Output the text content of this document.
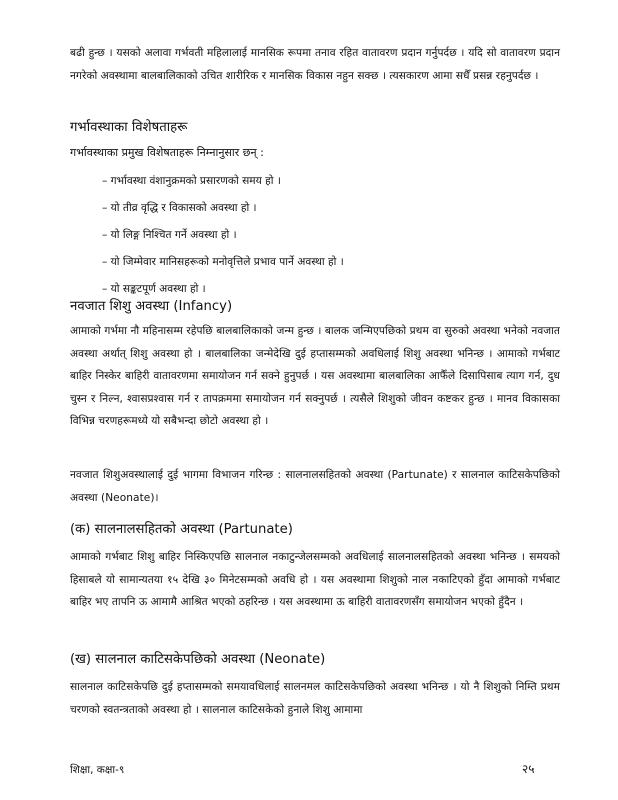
बढी हुन्छ । यसको अलावा गर्भवती महिलालाई मानसिक रूपमा तनाव रहित वातावरण प्रदान गर्नुपर्दछ । यदि सो वातावरण प्रदान नगरेको अवस्थामा बालबालिकाको उचित शारीरिक र मानसिक विकास नहुन सक्छ । त्यसकारण आमा सधैँ प्रसन्न रहनुपर्दछ ।
गर्भावस्थाका विशेषताहरू
गर्भावस्थाका प्रमुख विशेषताहरू निम्नानुसार छन् :
– गर्भावस्था वंशानुक्रमको प्रसारणको समय हो ।
– यो तीव्र वृद्धि र विकासको अवस्था हो ।
– यो लिङ्ग निश्चित गर्ने अवस्था हो ।
– यो जिम्मेवार मानिसहरूको मनोवृत्तिले प्रभाव पार्ने अवस्था हो ।
– यो सङ्कटपूर्ण अवस्था हो ।
नवजात शिशु अवस्था (Infancy)
आमाको गर्भमा नौ महिनासम्म रहेपछि बालबालिकाको जन्म हुन्छ । बालक जन्मिएपछिको प्रथम वा सुरुको अवस्था भनेको नवजात अवस्था अर्थात् शिशु अवस्था हो । बालबालिका जन्मेदेखि दुई हप्तासम्मको अवधिलाई शिशु अवस्था भनिन्छ । आमाको गर्भबाट बाहिर निस्केर बाहिरी वातावरणमा समायोजन गर्न सक्ने हुनुपर्छ । यस अवस्थामा बालबालिका आफैँले दिसापिसाब त्याग गर्न, दुध चुस्न र निल्न, श्वासप्रश्वास गर्न र तापक्रममा समायोजन गर्न सक्नुपर्छ । त्यसैले शिशुको जीवन कष्टकर हुन्छ । मानव विकासका विभिन्न चरणहरूमध्ये यो सबैभन्दा छोटो अवस्था हो ।
नवजात शिशुअवस्थालाई दुई भागमा विभाजन गरिन्छ : सालनालसहितको अवस्था (Partunate) र सालनाल काटिसकेपछिको अवस्था (Neonate)।
(क) सालनालसहितको अवस्था (Partunate)
आमाको गर्भबाट शिशु बाहिर निस्किएपछि सालनाल नकाटुन्जेलसम्मको अवधिलाई सालनालसहितको अवस्था भनिन्छ । समयको हिसाबले यो सामान्यतया १५ देखि ३० मिनेटसम्मको अवधि हो । यस अवस्थामा शिशुको नाल नकाटिएको हुँदा आमाको गर्भबाट बाहिर भए तापनि ऊ आमामै आश्रित भएको ठहरिन्छ । यस अवस्थामा ऊ बाहिरी वातावरणसँग समायोजन भएको हुँदैन ।
(ख) सालनाल काटिसकेपछिको अवस्था (Neonate)
सालनाल काटिसकेपछि दुई हप्तासम्मको समयावधिलाई सालनमल काटिसकेपछिको अवस्था भनिन्छ । यो नै शिशुको निम्ति प्रथम चरणको स्वतन्त्रताको अवस्था हो । सालनाल काटिसकेको हुनाले शिशु आमामा
शिक्षा, कक्षा-९	२५
